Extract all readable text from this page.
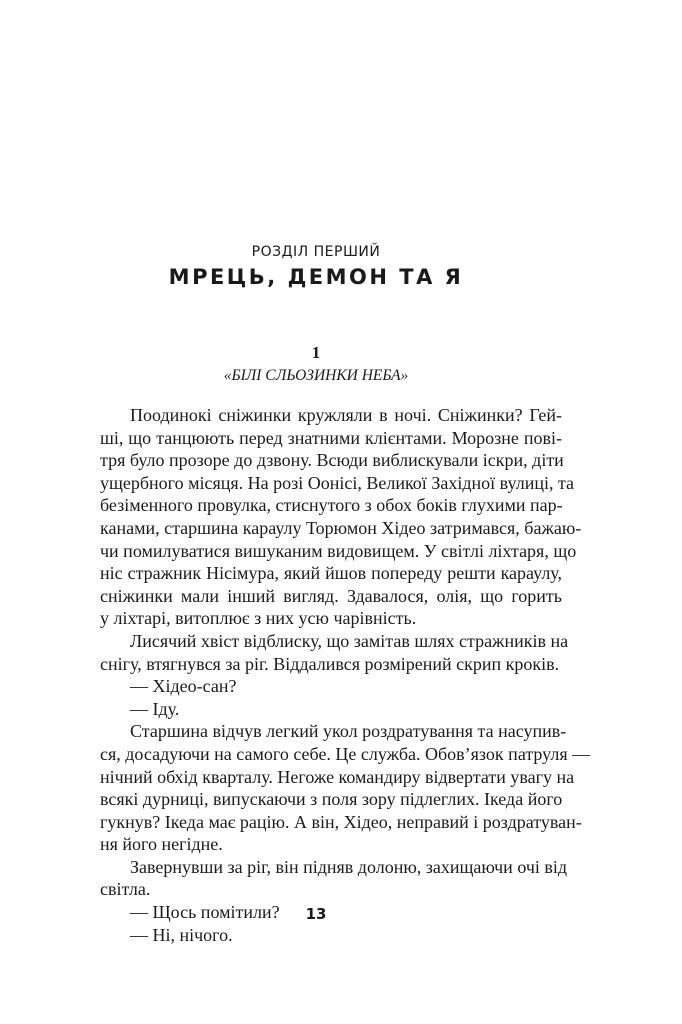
РОЗДІЛ ПЕРШИЙ
МРЕЦЬ, ДЕМОН ТА Я
1
«БІЛІ СЛЬОЗИНКИ НЕБА»
Поодинокі сніжинки кружляли в ночі. Сніжинки? Гей-
ші, що танцюють перед знатними клієнтами. Морозне пові-
тря було прозоре до дзвону. Всюди виблискували іскри, діти
ущербного місяця. На розі Оонісі, Великої Західної вулиці, та
безіменного провулка, стиснутого з обох боків глухими пар-
канами, старшина караулу Торюмон Хідео затримався, бажаю-
чи помилуватися вишуканим видовищем. У світлі ліхтаря, що
ніс стражник Нісімура, який йшов попереду решти караулу,
сніжинки мали інший вигляд. Здавалося, олія, що горить
у ліхтарі, витоплює з них усю чарівність.
Лисячий хвіст відблиску, що замітав шлях стражників на
снігу, втягнувся за ріг. Віддалився розмірений скрип кроків.
— Хідео-сан?
— Іду.
Старшина відчув легкий укол роздратування та насупив-
ся, досадуючи на самого себе. Це служба. Обов’язок патруля —
нічний обхід кварталу. Негоже командиру відвертати увагу на
всякі дурниці, випускаючи з поля зору підлеглих. Ікеда його
гукнув? Ікеда має рацію. А він, Хідео, неправий і роздратуван-
ня його негідне.
Завернувши за ріг, він підняв долоню, захищаючи очі від
світла.
— Щось помітили?
— Ні, нічого.
13
